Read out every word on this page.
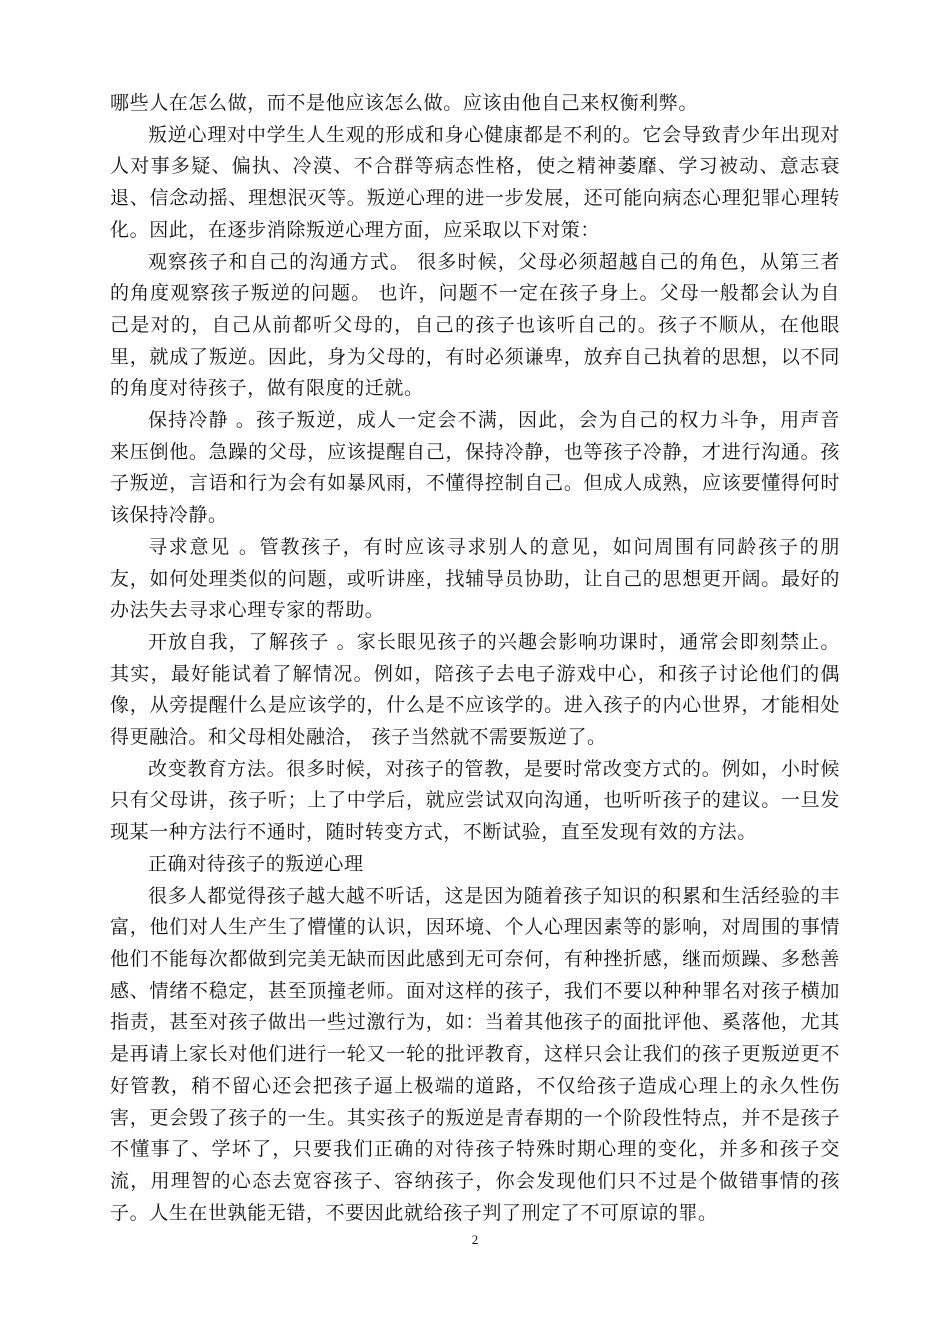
哪些人在怎么做，而不是他应该怎么做。应该由他自己来权衡利弊。

叛逆心理对中学生人生观的形成和身心健康都是不利的。它会导致青少年出现对人对事多疑、偏执、冷漠、不合群等病态性格，使之精神萎靡、学习被动、意志衰退、信念动摇、理想泯灭等。叛逆心理的进一步发展，还可能向病态心理犯罪心理转化。因此，在逐步消除叛逆心理方面，应采取以下对策：

观察孩子和自己的沟通方式。 很多时候，父母必须超越自己的角色，从第三者的角度观察孩子叛逆的问题。 也许，问题不一定在孩子身上。父母一般都会认为自己是对的，自己从前都听父母的，自己的孩子也该听自己的。孩子不顺从，在他眼里，就成了叛逆。因此，身为父母的，有时必须谦卑，放弃自己执着的思想，以不同的角度对待孩子，做有限度的迁就。

保持冷静 。孩子叛逆，成人一定会不满，因此，会为自己的权力斗争，用声音来压倒他。急躁的父母，应该提醒自己，保持冷静，也等孩子冷静，才进行沟通。孩子叛逆，言语和行为会有如暴风雨，不懂得控制自己。但成人成熟，应该要懂得何时该保持冷静。

寻求意见 。管教孩子，有时应该寻求别人的意见，如问周围有同龄孩子的朋友，如何处理类似的问题，或听讲座，找辅导员协助，让自己的思想更开阔。最好的办法失去寻求心理专家的帮助。

开放自我，了解孩子 。家长眼见孩子的兴趣会影响功课时，通常会即刻禁止。其实，最好能试着了解情况。例如，陪孩子去电子游戏中心，和孩子讨论他们的偶像，从旁提醒什么是应该学的，什么是不应该学的。进入孩子的内心世界，才能相处得更融洽。和父母相处融洽， 孩子当然就不需要叛逆了。

改变教育方法。很多时候，对孩子的管教，是要时常改变方式的。例如，小时候只有父母讲，孩子听；上了中学后，就应尝试双向沟通，也听听孩子的建议。一旦发现某一种方法行不通时，随时转变方式，不断试验，直至发现有效的方法。

正确对待孩子的叛逆心理

很多人都觉得孩子越大越不听话，这是因为随着孩子知识的积累和生活经验的丰富，他们对人生产生了懵懂的认识，因环境、个人心理因素等的影响，对周围的事情他们不能每次都做到完美无缺而因此感到无可奈何，有种挫折感，继而烦躁、多愁善感、情绪不稳定，甚至顶撞老师。面对这样的孩子，我们不要以种种罪名对孩子横加指责，甚至对孩子做出一些过激行为，如：当着其他孩子的面批评他、奚落他，尤其是再请上家长对他们进行一轮又一轮的批评教育，这样只会让我们的孩子更叛逆更不好管教，稍不留心还会把孩子逼上极端的道路，不仅给孩子造成心理上的永久性伤害，更会毁了孩子的一生。其实孩子的叛逆是青春期的一个阶段性特点，并不是孩子不懂事了、学坏了，只要我们正确的对待孩子特殊时期心理的变化，并多和孩子交流，用理智的心态去宽容孩子、容纳孩子，你会发现他们只不过是个做错事情的孩子。人生在世孰能无错，不要因此就给孩子判了刑定了不可原谅的罪。

2
